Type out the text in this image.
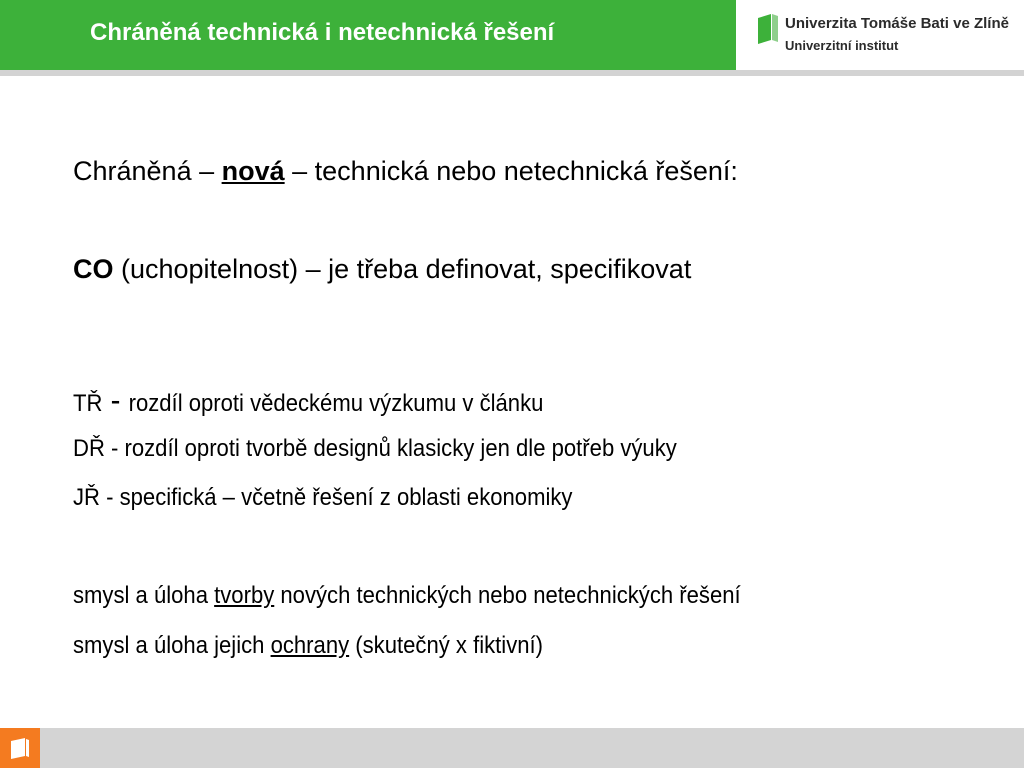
Chráněná technická i netechnická řešení	Univerzita Tomáše Bati ve Zlíně
Univerzitní institut
Chráněná – nová – technická nebo netechnická řešení:
CO (uchopitelnost) – je třeba definovat, specifikovat
TŘ - rozdíl oproti vědeckému výzkumu v článku
DŘ - rozdíl oproti tvorbě designů klasicky jen dle potřeb výuky
JŘ - specifická – včetně řešení z oblasti ekonomiky
smysl a úloha tvorby nových technických nebo netechnických řešení
smysl a úloha jejich ochrany (skutečný x fiktivní)
